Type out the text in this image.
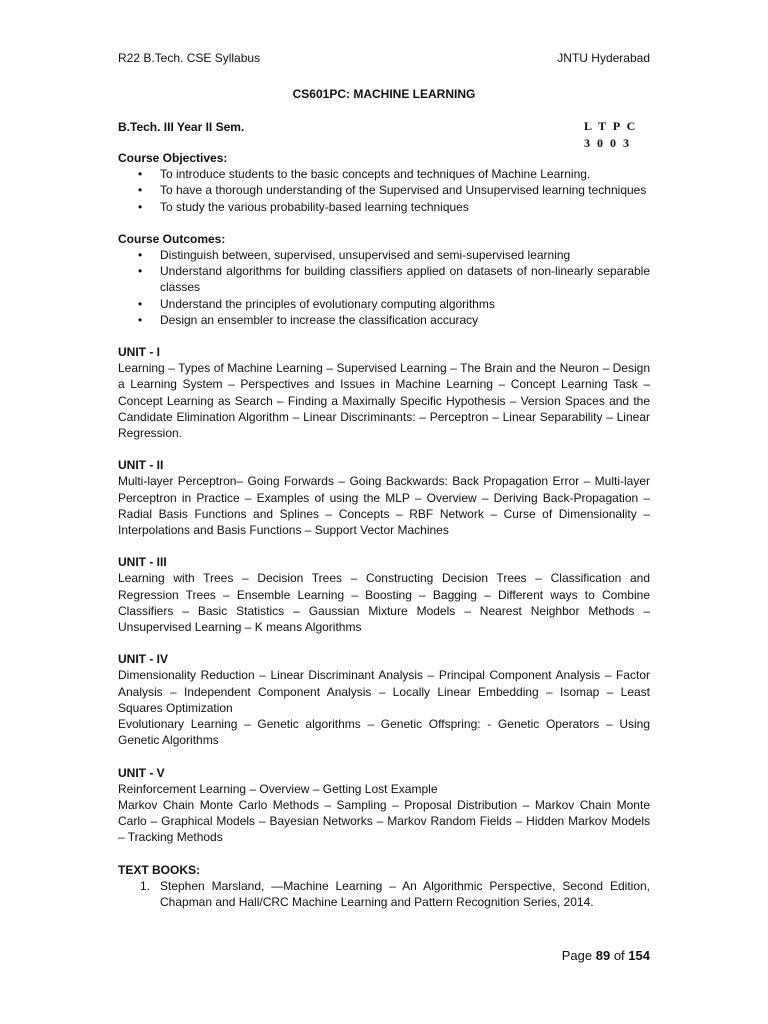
R22 B.Tech. CSE Syllabus	JNTU Hyderabad
CS601PC: MACHINE LEARNING
B.Tech. III Year II Sem.	L T P C
3 0 0 3
Course Objectives:
• To introduce students to the basic concepts and techniques of Machine Learning.
• To have a thorough understanding of the Supervised and Unsupervised learning techniques
• To study the various probability-based learning techniques
Course Outcomes:
• Distinguish between, supervised, unsupervised and semi-supervised learning
• Understand algorithms for building classifiers applied on datasets of non-linearly separable classes
• Understand the principles of evolutionary computing algorithms
• Design an ensembler to increase the classification accuracy
UNIT - I
Learning – Types of Machine Learning – Supervised Learning – The Brain and the Neuron – Design a Learning System – Perspectives and Issues in Machine Learning – Concept Learning Task – Concept Learning as Search – Finding a Maximally Specific Hypothesis – Version Spaces and the Candidate Elimination Algorithm – Linear Discriminants: – Perceptron – Linear Separability – Linear Regression.
UNIT - II
Multi-layer Perceptron– Going Forwards – Going Backwards: Back Propagation Error – Multi-layer Perceptron in Practice – Examples of using the MLP – Overview – Deriving Back-Propagation – Radial Basis Functions and Splines – Concepts – RBF Network – Curse of Dimensionality – Interpolations and Basis Functions – Support Vector Machines
UNIT - III
Learning with Trees – Decision Trees – Constructing Decision Trees – Classification and Regression Trees – Ensemble Learning – Boosting – Bagging – Different ways to Combine Classifiers – Basic Statistics – Gaussian Mixture Models – Nearest Neighbor Methods – Unsupervised Learning – K means Algorithms
UNIT - IV
Dimensionality Reduction – Linear Discriminant Analysis – Principal Component Analysis – Factor Analysis – Independent Component Analysis – Locally Linear Embedding – Isomap – Least Squares Optimization
Evolutionary Learning – Genetic algorithms – Genetic Offspring: - Genetic Operators – Using Genetic Algorithms
UNIT - V
Reinforcement Learning – Overview – Getting Lost Example
Markov Chain Monte Carlo Methods – Sampling – Proposal Distribution – Markov Chain Monte Carlo – Graphical Models – Bayesian Networks – Markov Random Fields – Hidden Markov Models – Tracking Methods
TEXT BOOKS:
1. Stephen Marsland, ―Machine Learning – An Algorithmic Perspective, Second Edition, Chapman and Hall/CRC Machine Learning and Pattern Recognition Series, 2014.
Page 89 of 154
